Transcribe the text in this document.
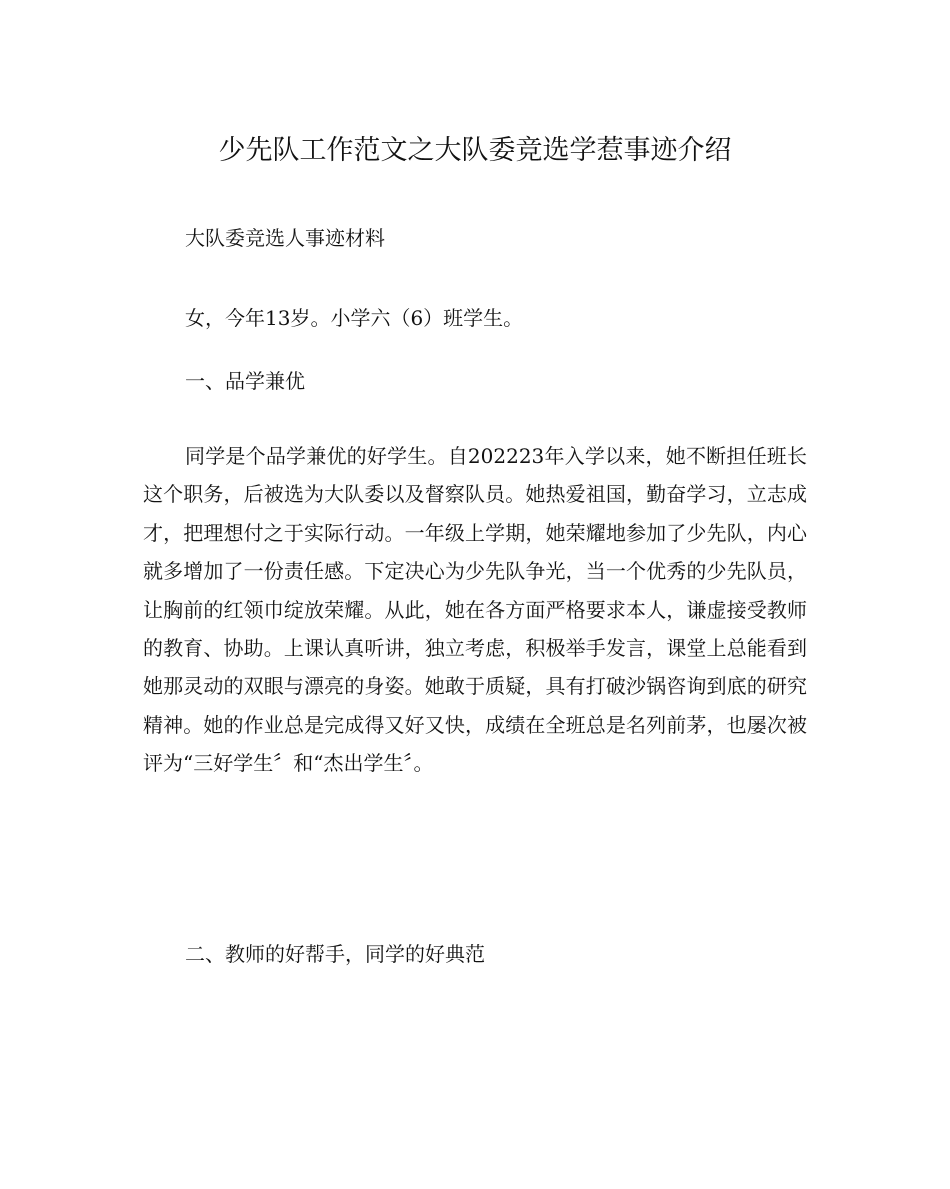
少先队工作范文之大队委竞选学惹事迹介绍

大队委竞选人事迹材料

女，今年13岁。小学六（6）班学生。

一、品学兼优

同学是个品学兼优的好学生。自202223年入学以来，她不断担任班长这个职务，后被选为大队委以及督察队员。她热爱祖国，勤奋学习，立志成才，把理想付之于实际行动。一年级上学期，她荣耀地参加了少先队，内心就多增加了一份责任感。下定决心为少先队争光，当一个优秀的少先队员，让胸前的红领巾绽放荣耀。从此，她在各方面严格要求本人，谦虚接受教师的教育、协助。上课认真听讲，独立考虑，积极举手发言，课堂上总能看到她那灵动的双眼与漂亮的身姿。她敢于质疑，具有打破沙锅咨询到底的研究精神。她的作业总是完成得又好又快，成绩在全班总是名列前茅，也屡次被评为“三好学生〞和“杰出学生〞。

二、教师的好帮手，同学的好典范
